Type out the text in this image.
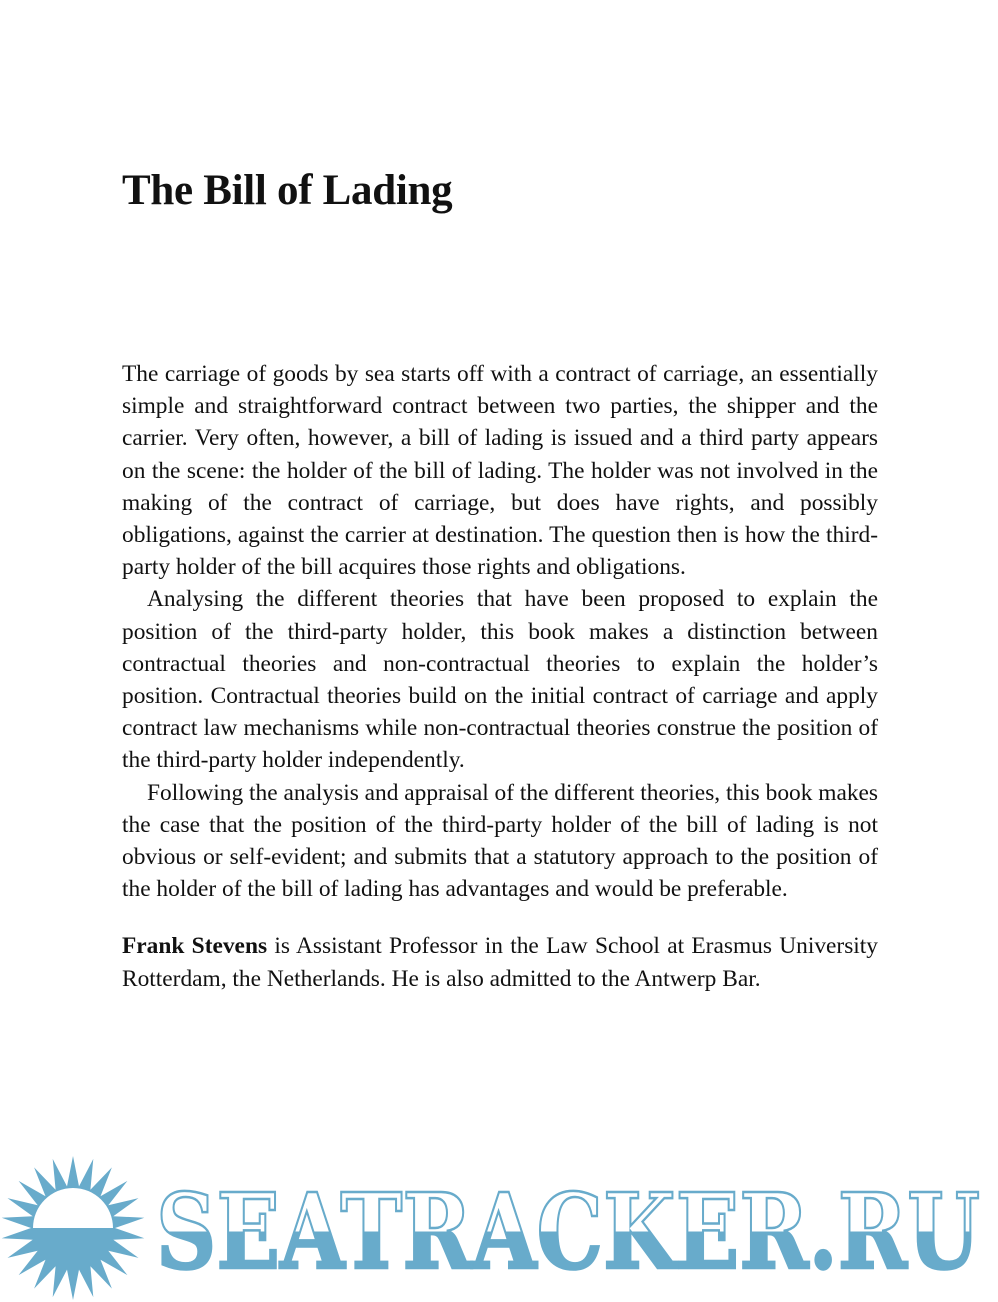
The Bill of Lading

The carriage of goods by sea starts off with a contract of carriage, an essentially simple and straightforward contract between two parties, the shipper and the carrier. Very often, however, a bill of lading is issued and a third party appears on the scene: the holder of the bill of lading. The holder was not involved in the making of the contract of carriage, but does have rights, and possibly obligations, against the carrier at destination. The question then is how the third-party holder of the bill acquires those rights and obligations.

Analysing the different theories that have been proposed to explain the position of the third-party holder, this book makes a distinction between contractual theories and non-contractual theories to explain the holder’s position. Contractual theories build on the initial contract of carriage and apply contract law mechanisms while non-contractual theories construe the position of the third-party holder independently.

Following the analysis and appraisal of the different theories, this book makes the case that the position of the third-party holder of the bill of lading is not obvious or self-evident; and submits that a statutory approach to the position of the holder of the bill of lading has advantages and would be preferable.

Frank Stevens is Assistant Professor in the Law School at Erasmus University Rotterdam, the Netherlands. He is also admitted to the Antwerp Bar.

SEATRACKER.RU
